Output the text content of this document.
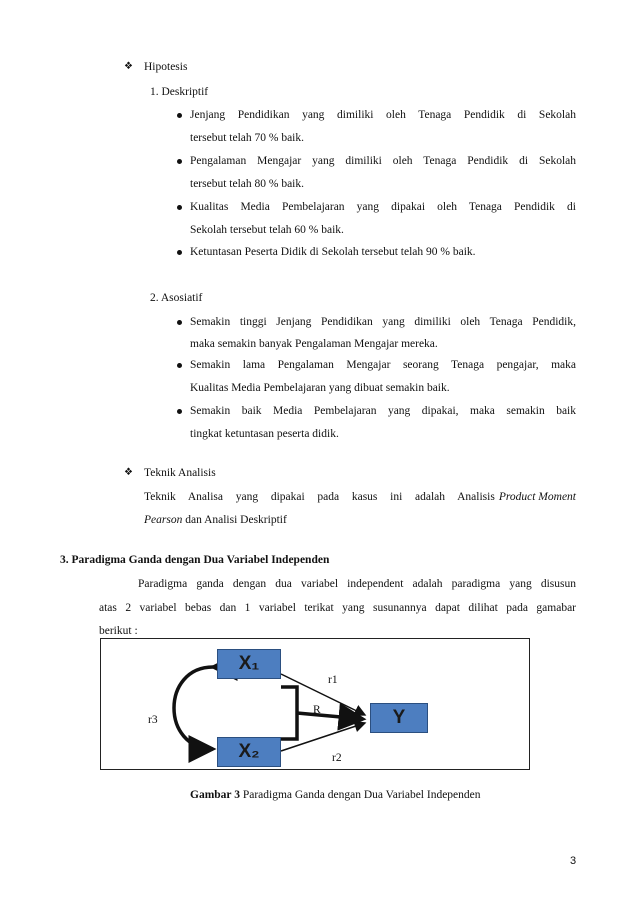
❖ Hipotesis
1. Deskriptif
Jenjang Pendidikan yang dimiliki oleh Tenaga Pendidik di Sekolah
tersebut telah 70 % baik.
Pengalaman Mengajar yang dimiliki oleh Tenaga Pendidik di Sekolah
tersebut telah 80 % baik.
Kualitas Media Pembelajaran yang dipakai oleh Tenaga Pendidik di
Sekolah tersebut telah 60 % baik.
Ketuntasan Peserta Didik di Sekolah tersebut telah 90 % baik.
2. Asosiatif
Semakin tinggi Jenjang Pendidikan yang dimiliki oleh Tenaga Pendidik,
maka semakin banyak Pengalaman Mengajar mereka.
Semakin lama Pengalaman Mengajar seorang Tenaga pengajar, maka
Kualitas Media Pembelajaran yang dibuat semakin baik.
Semakin baik Media Pembelajaran yang dipakai, maka semakin baik
tingkat ketuntasan peserta didik.
❖ Teknik Analisis
Teknik Analisa yang dipakai pada kasus ini adalah Analisis Product Moment
Pearson dan Analisi Deskriptif
3. Paradigma Ganda dengan Dua Variabel Independen
Paradigma ganda dengan dua variabel independent adalah paradigma yang disusun
atas 2 variabel bebas dan 1 variabel terikat yang susunannya dapat dilihat pada gamabar
berikut :
X₁
X₂
Y
r1
r2
r3
R
Gambar 3 Paradigma Ganda dengan Dua Variabel Independen
3
